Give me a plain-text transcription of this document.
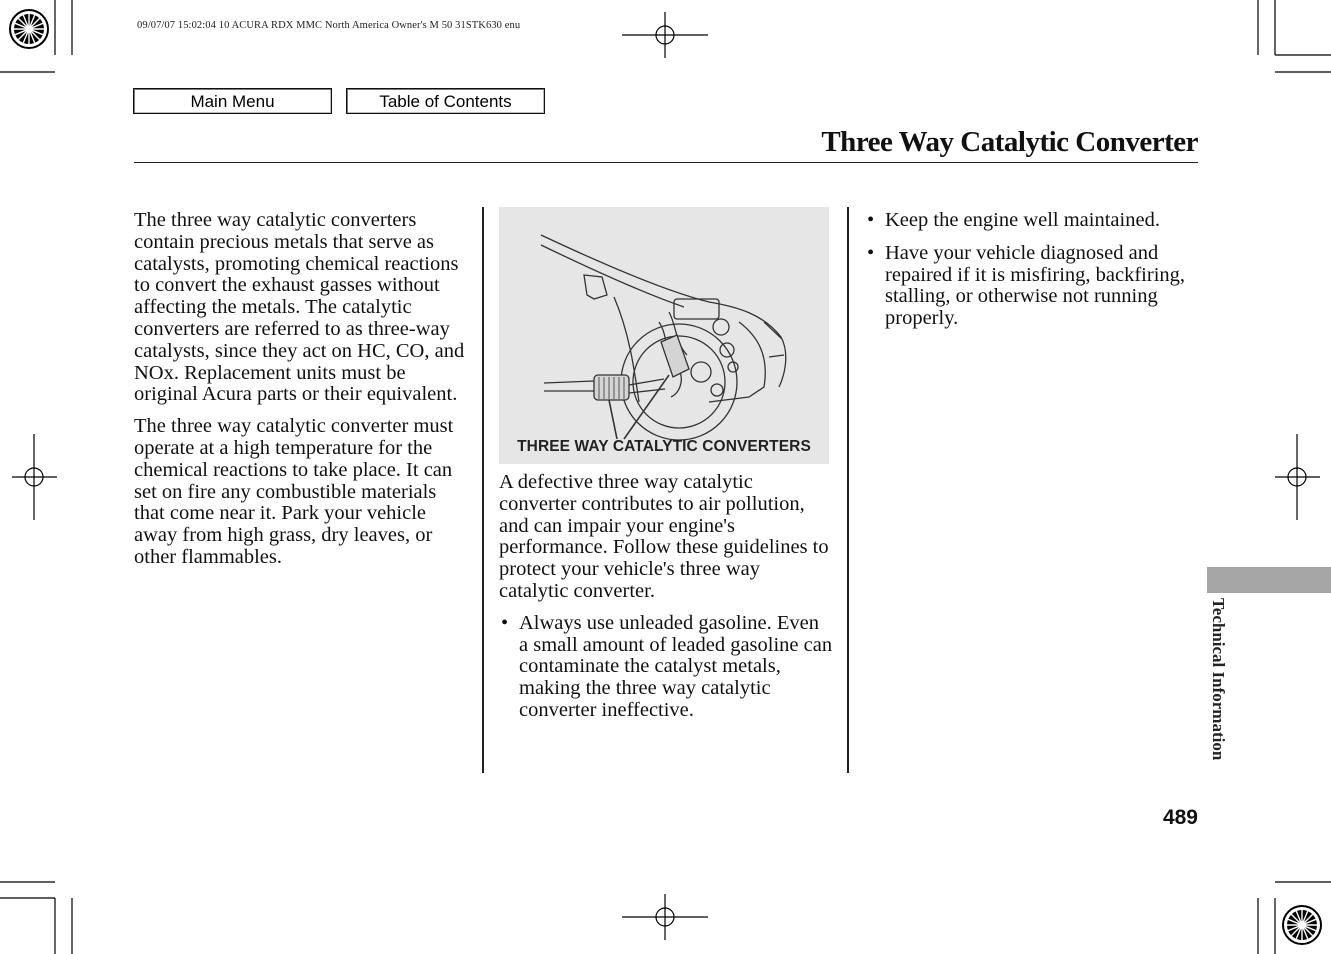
09/07/07 15:02:04 10 ACURA RDX MMC North America Owner's M 50 31STK630 enu
Main Menu	Table of Contents
Three Way Catalytic Converter

The three way catalytic converters contain precious metals that serve as catalysts, promoting chemical reactions to convert the exhaust gasses without affecting the metals. The catalytic converters are referred to as three-way catalysts, since they act on HC, CO, and NOx. Replacement units must be original Acura parts or their equivalent.

The three way catalytic converter must operate at a high temperature for the chemical reactions to take place. It can set on fire any combustible materials that come near it. Park your vehicle away from high grass, dry leaves, or other flammables.

THREE WAY CATALYTIC CONVERTERS

A defective three way catalytic converter contributes to air pollution, and can impair your engine's performance. Follow these guidelines to protect your vehicle's three way catalytic converter.

• Always use unleaded gasoline. Even a small amount of leaded gasoline can contaminate the catalyst metals, making the three way catalytic converter ineffective.
• Keep the engine well maintained.
• Have your vehicle diagnosed and repaired if it is misfiring, backfiring, stalling, or otherwise not running properly.
Technical Information
489
